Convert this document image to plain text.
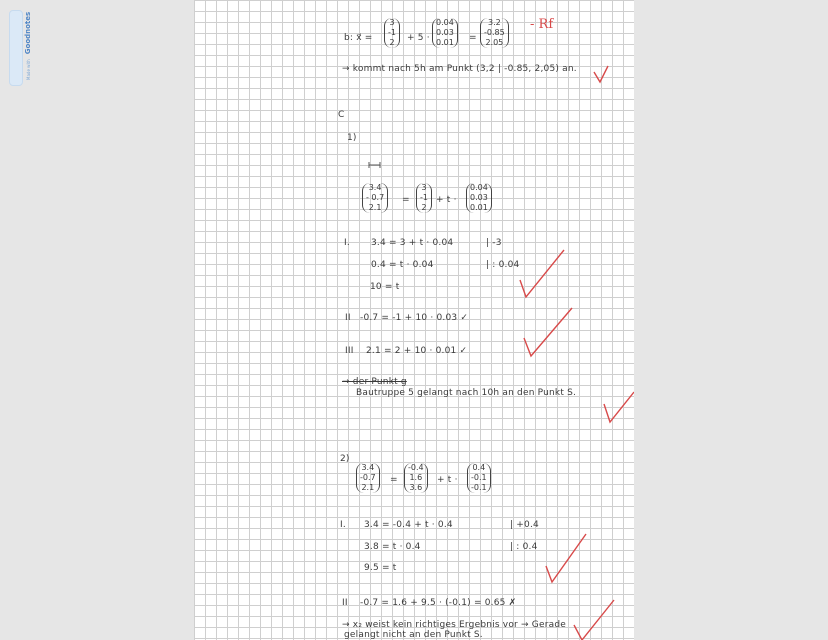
Made with Goodnotes	b: x⃗ =
3
-1
2 + 5 ·
0.04
0.03
0.01 =
3.2
-0.85
2.05
- Rf
→ kommt nach 5h am Punkt (3,2 | -0.85, 2,05) an.
C
1)
3.4
- 0.7
2.1
=
3
-1
2
+ t ·
0.04
0.03
0.01
I. 3.4 = 3 + t · 0.04	| -3
0.4 = t · 0.04	| : 0.04
10 = t
II -0.7 = -1 + 10 · 0.03 ✓
III 2.1 = 2 + 10 · 0.01 ✓
→ der Punkt g
Bautruppe 5 gelangt nach 10h an den Punkt S.
2)
3.4
-0.7
2.1
=
-0.4
1.6
3.6
+ t ·
0.4
-0.1
-0.1
I. 3.4 = -0.4 + t · 0.4	| +0.4
3.8 = t · 0.4	| : 0.4
9.5 = t
II -0.7 = 1.6 + 9.5 · (-0.1) = 0.65 ✗
→ x₂ weist kein richtiges Ergebnis vor → Gerade
gelangt nicht an den Punkt S.
